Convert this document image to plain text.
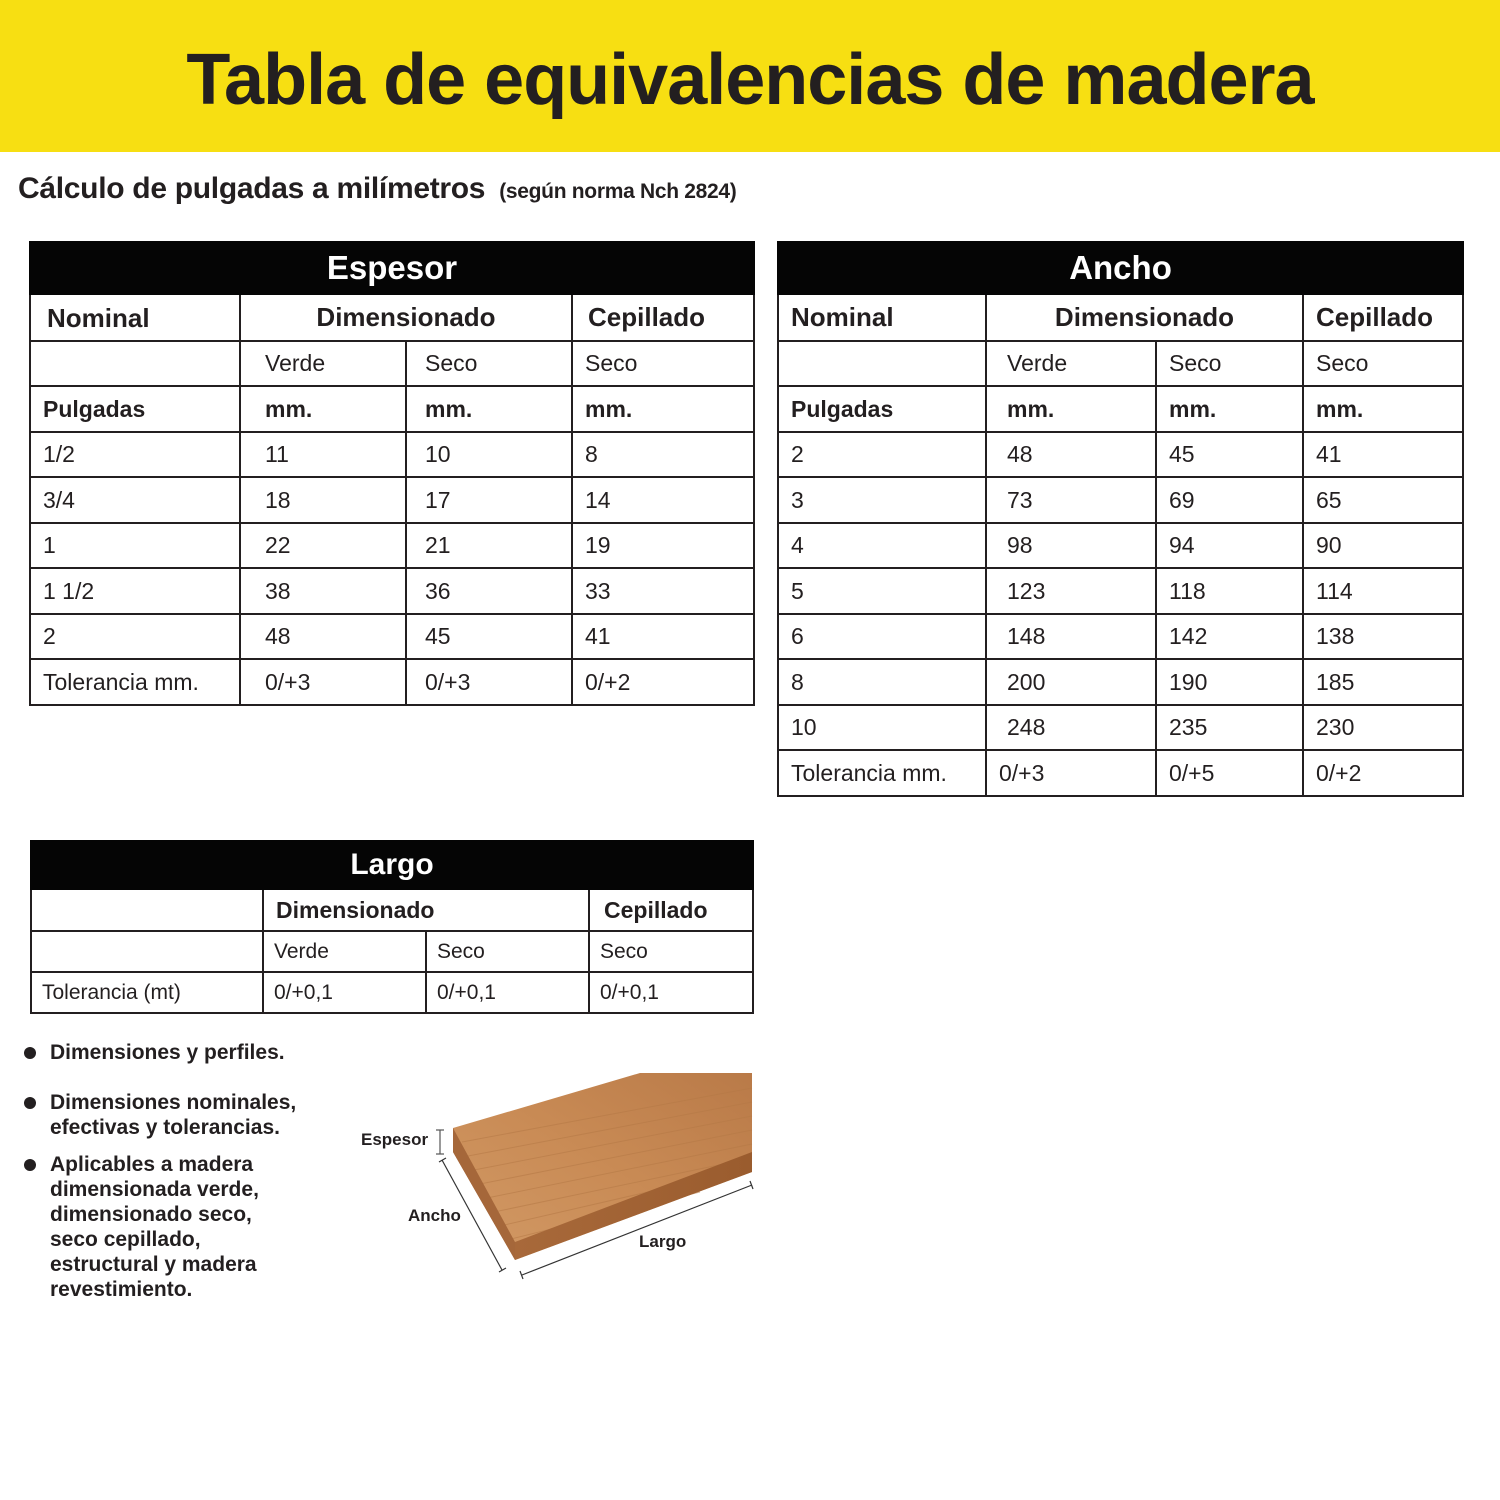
Tabla de equivalencias de madera
Cálculo de pulgadas a milímetros (según norma Nch 2824)
Espesor			
Nominal	Dimensionado		Cepillado
	Verde	Seco	Seco
Pulgadas	mm.	mm.	mm.
1/2	11	10	8
3/4	18	17	14
1	22	21	19
1 1/2	38	36	33
2	48	45	41
Tolerancia mm.	0/+3	0/+3	0/+2
Ancho			
Nominal	Dimensionado		Cepillado
	Verde	Seco	Seco
Pulgadas	mm.	mm.	mm.
2	48	45	41
3	73	69	65
4	98	94	90
5	123	118	114
6	148	142	138
8	200	190	185
10	248	235	230
Tolerancia mm.	0/+3	0/+5	0/+2
Largo			
	Dimensionado		Cepillado
	Verde	Seco	Seco
Tolerancia (mt)	0/+0,1	0/+0,1	0/+0,1
Dimensiones y perfiles.
Dimensiones nominales, efectivas y tolerancias.
Aplicables a madera dimensionada verde, dimensionado seco, seco cepillado, estructural y madera revestimiento.
Espesor
Ancho
Largo
